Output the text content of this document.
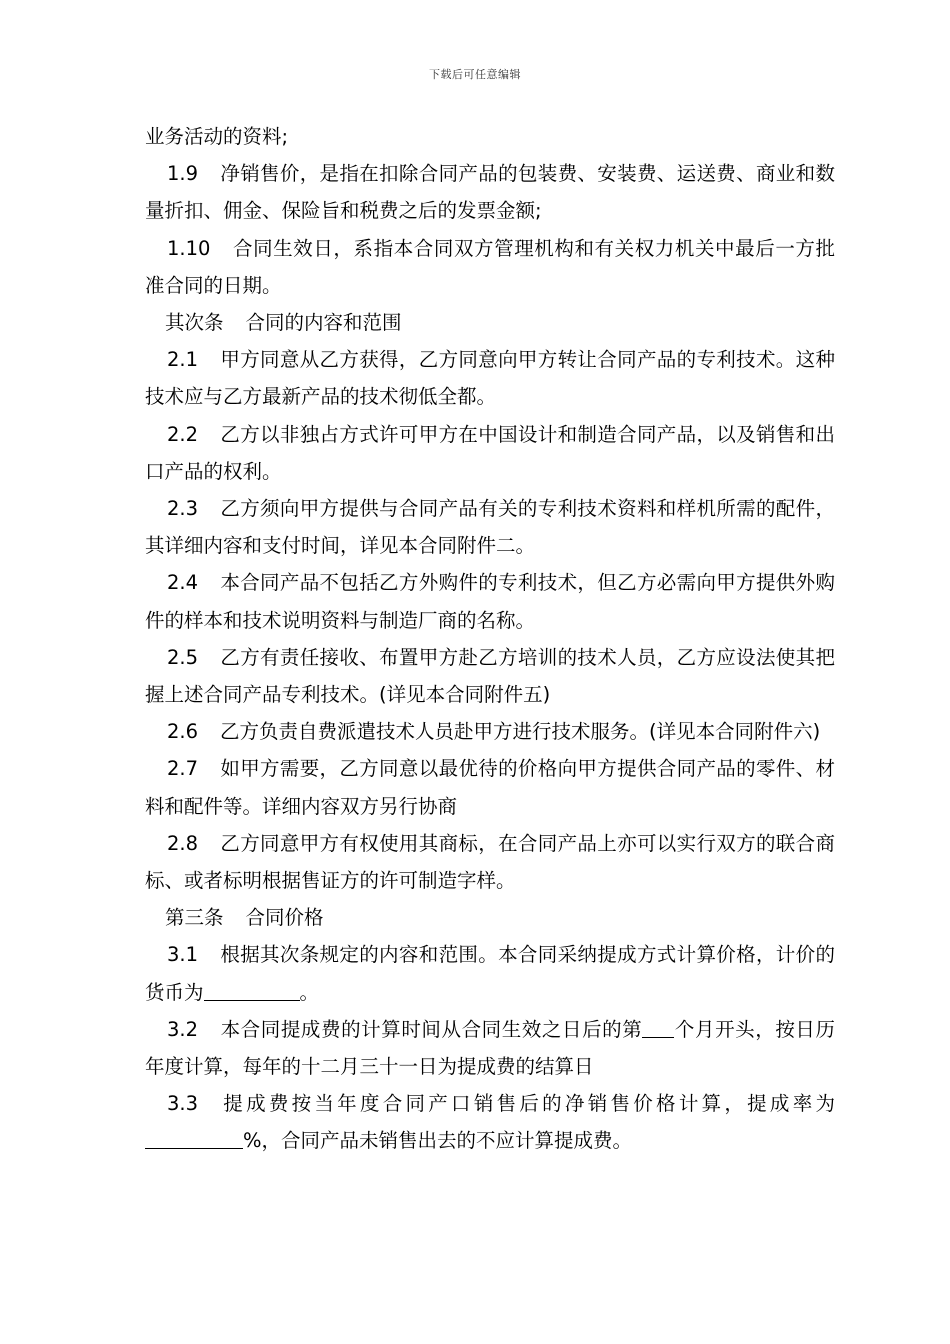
下载后可任意编辑

业务活动的资料;

1.9 净销售价，是指在扣除合同产品的包装费、安装费、运送费、商业和数量折扣、佣金、保险旨和税费之后的发票金额;

1.10 合同生效日，系指本合同双方管理机构和有关权力机关中最后一方批准合同的日期。

其次条 合同的内容和范围

2.1 甲方同意从乙方获得，乙方同意向甲方转让合同产品的专利技术。这种技术应与乙方最新产品的技术彻低全都。

2.2 乙方以非独占方式许可甲方在中国设计和制造合同产品，以及销售和出口产品的权利。

2.3 乙方须向甲方提供与合同产品有关的专利技术资料和样机所需的配件，其详细内容和支付时间，详见本合同附件二。

2.4 本合同产品不包括乙方外购件的专利技术，但乙方必需向甲方提供外购件的样本和技术说明资料与制造厂商的名称。

2.5 乙方有责任接收、布置甲方赴乙方培训的技术人员，乙方应设法使其把握上述合同产品专利技术。(详见本合同附件五)

2.6 乙方负责自费派遣技术人员赴甲方进行技术服务。(详见本合同附件六)

2.7 如甲方需要，乙方同意以最优待的价格向甲方提供合同产品的零件、材料和配件等。详细内容双方另行协商

2.8 乙方同意甲方有权使用其商标，在合同产品上亦可以实行双方的联合商标、或者标明根据售证方的许可制造字样。

第三条 合同价格

3.1 根据其次条规定的内容和范围。本合同采纳提成方式计算价格，计价的货币为	。

3.2 本合同提成费的计算时间从合同生效之日后的第 个月开头，按日历年度计算，每年的十二月三十一日为提成费的结算日

3.3 提成费按当年度合同产口销售后的净销售价格计算，提成率为%，合同产品未销售出去的不应计算提成费。
